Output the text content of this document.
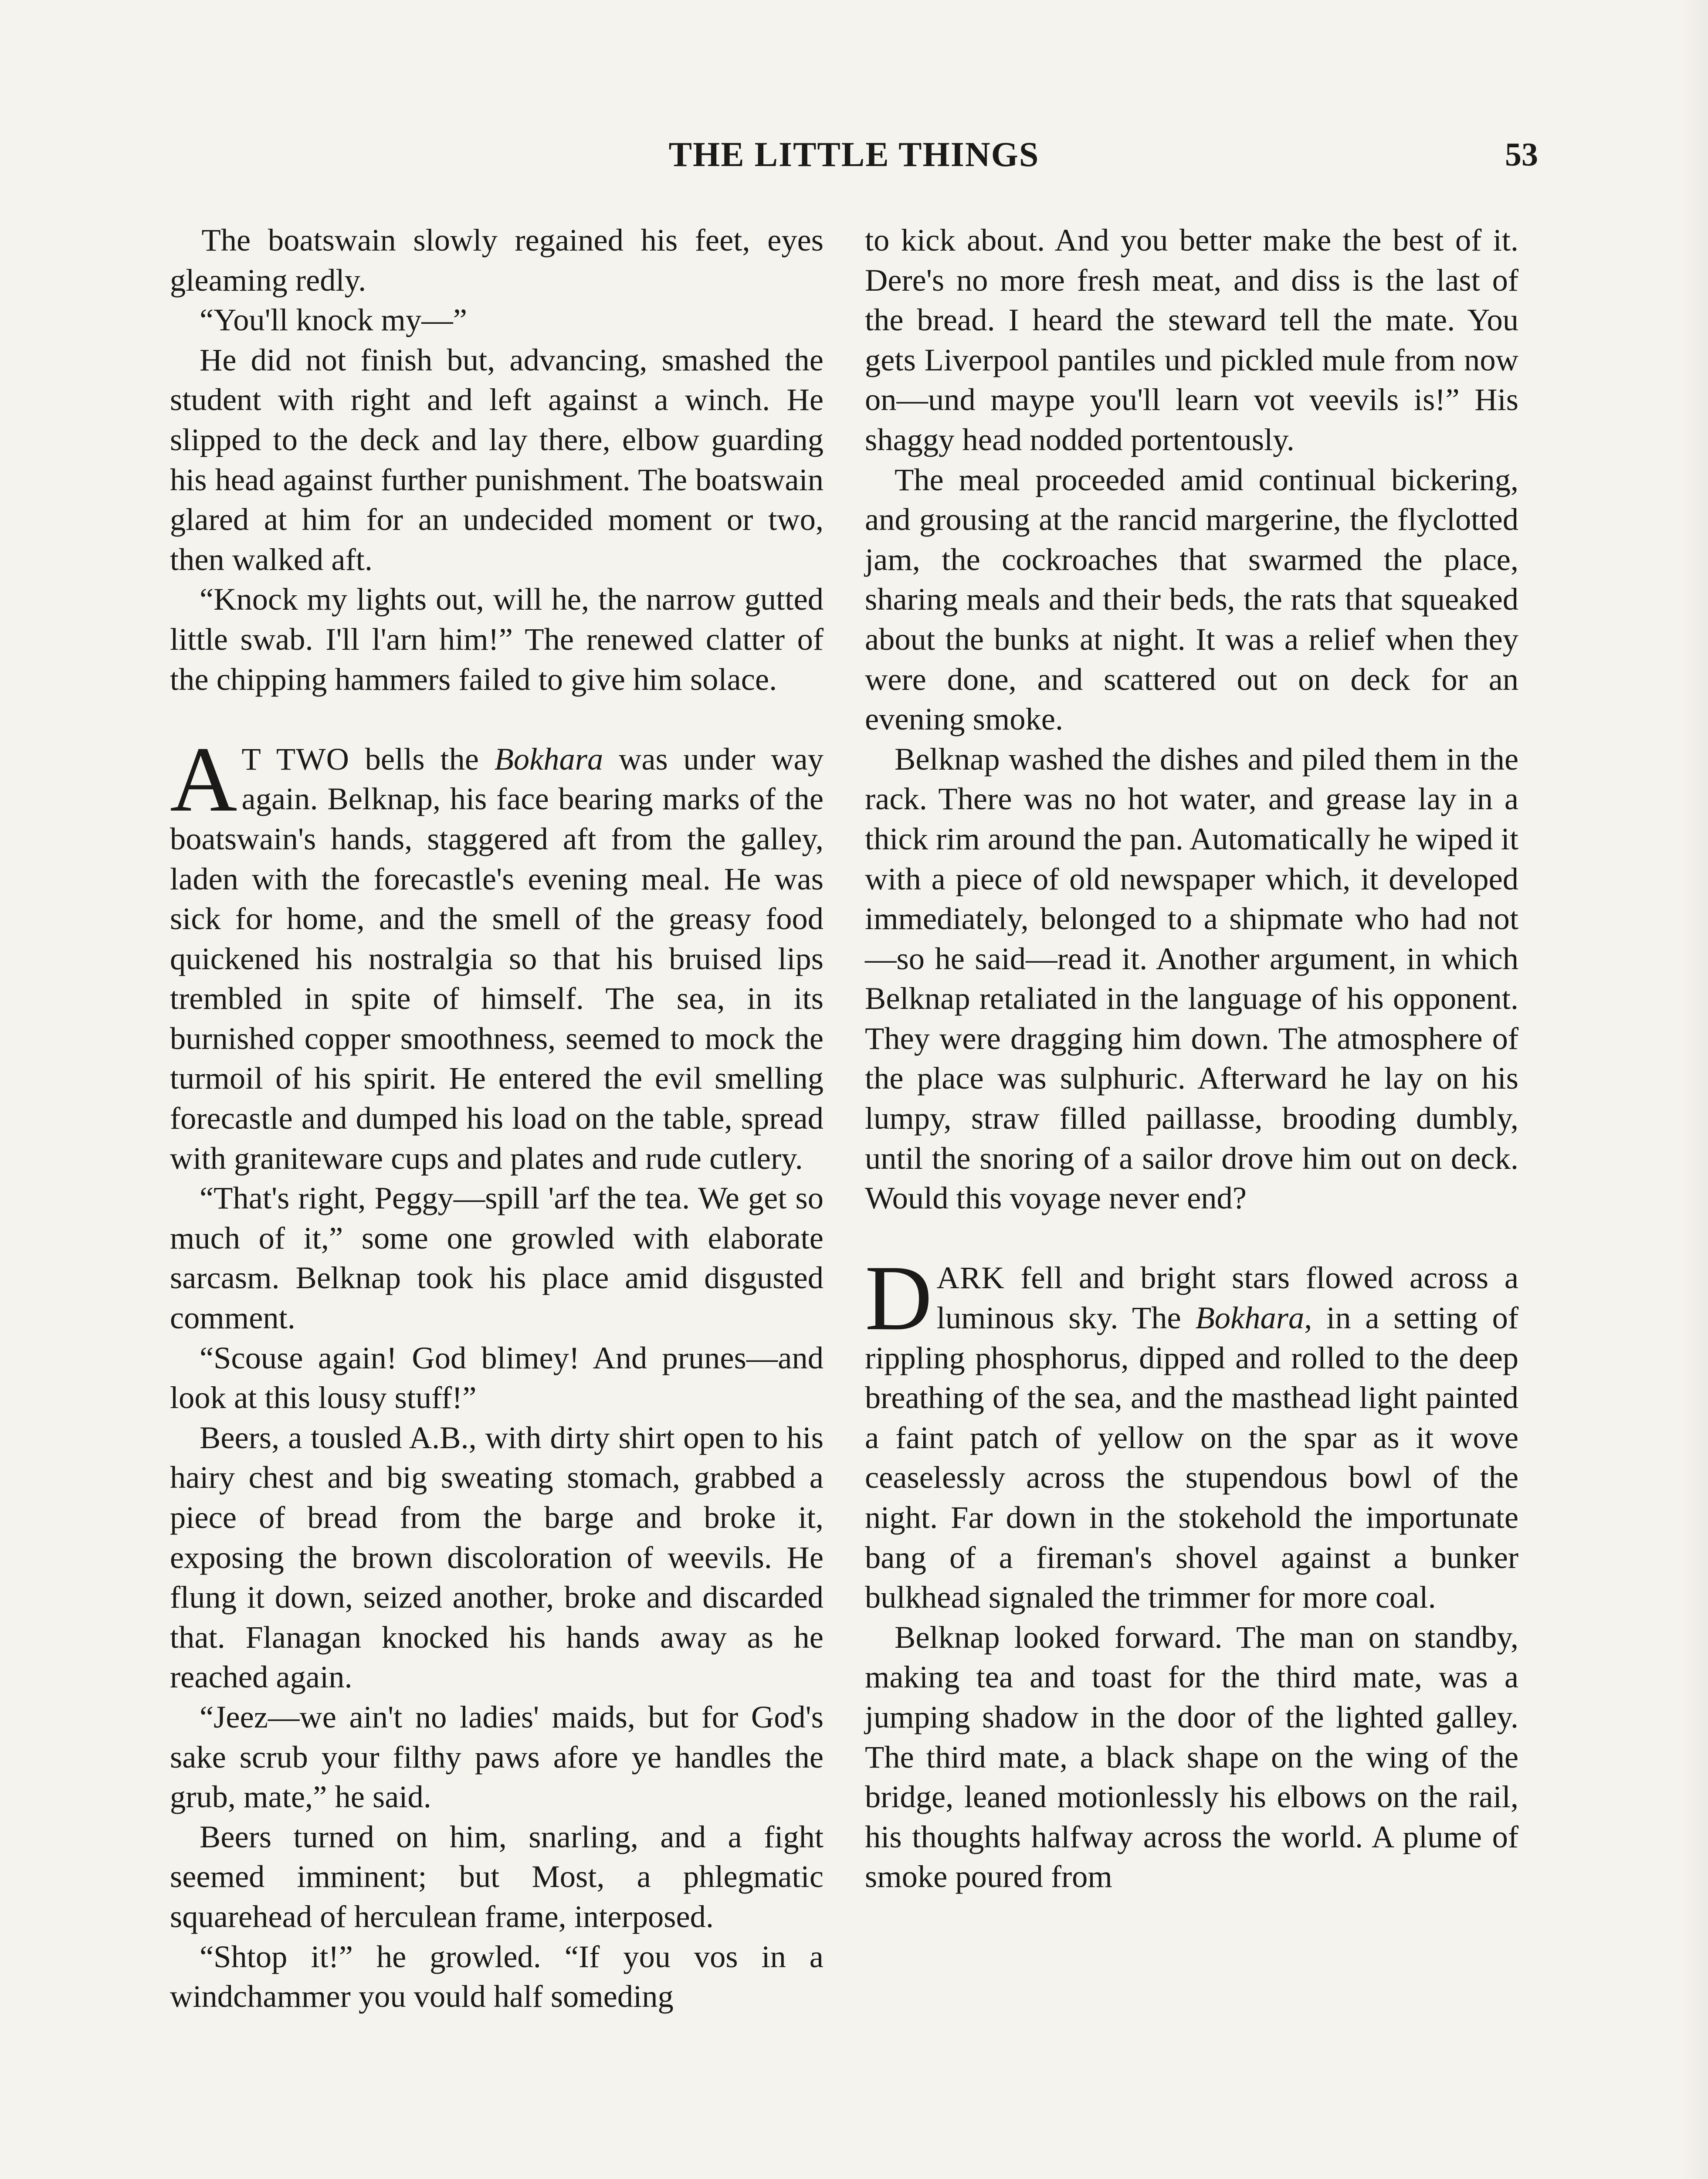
THE LITTLE THINGS	53

 The boatswain slowly regained his feet, eyes gleaming redly.

“You'll knock my—”

He did not finish but, advancing, smashed the student with right and left against a winch. He slipped to the deck and lay there, elbow guarding his head against further punishment. The boatswain glared at him for an undecided moment or two, then walked aft.

“Knock my lights out, will he, the narrow gutted little swab. I'll l'arn him!” The renewed clatter of the chipping hammers failed to give him solace.

A T TWO bells the Bokhara was under way again. Belknap, his face bearing marks of the boatswain's hands, staggered aft from the galley, laden with the forecastle's evening meal. He was sick for home, and the smell of the greasy food quickened his nostralgia so that his bruised lips trembled in spite of himself. The sea, in its burnished copper smoothness, seemed to mock the turmoil of his spirit. He entered the evil smelling forecastle and dumped his load on the table, spread with graniteware cups and plates and rude cutlery.

“That's right, Peggy—spill 'arf the tea. We get so much of it,” some one growled with elaborate sarcasm. Belknap took his place amid disgusted comment.

“Scouse again! God blimey! And prunes—and look at this lousy stuff!”

Beers, a tousled A.B., with dirty shirt open to his hairy chest and big sweating stomach, grabbed a piece of bread from the barge and broke it, exposing the brown discoloration of weevils. He flung it down, seized another, broke and discarded that. Flanagan knocked his hands away as he reached again.

“Jeez—we ain't no ladies' maids, but for God's sake scrub your filthy paws afore ye handles the grub, mate,” he said.

Beers turned on him, snarling, and a fight seemed imminent; but Most, a phlegmatic squarehead of herculean frame, interposed.

“Shtop it!” he growled. “If you vos in a windchammer you vould half someding

to kick about. And you better make the best of it. Dere's no more fresh meat, and diss is the last of the bread. I heard the steward tell the mate. You gets Liverpool pantiles und pickled mule from now on—und maype you'll learn vot veevils is!” His shaggy head nodded portentously.

The meal proceeded amid continual bickering, and grousing at the rancid margerine, the flyclotted jam, the cockroaches that swarmed the place, sharing meals and their beds, the rats that squeaked about the bunks at night. It was a relief when they were done, and scattered out on deck for an evening smoke.

Belknap washed the dishes and piled them in the rack. There was no hot water, and grease lay in a thick rim around the pan. Automatically he wiped it with a piece of old newspaper which, it developed immediately, belonged to a shipmate who had not—so he said—read it. Another argument, in which Belknap retaliated in the language of his opponent. They were dragging him down. The atmosphere of the place was sulphuric. Afterward he lay on his lumpy, straw filled paillasse, brooding dumbly, until the snoring of a sailor drove him out on deck. Would this voyage never end?

DARK fell and bright stars flowed across a luminous sky. The Bokhara, in a setting of rippling phosphorus, dipped and rolled to the deep breathing of the sea, and the masthead light painted a faint patch of yellow on the spar as it wove ceaselessly across the stupendous bowl of the night. Far down in the stokehold the importunate bang of a fireman's shovel against a bunker bulkhead signaled the trimmer for more coal.

Belknap looked forward. The man on standby, making tea and toast for the third mate, was a jumping shadow in the door of the lighted galley. The third mate, a black shape on the wing of the bridge, leaned motionlessly his elbows on the rail, his thoughts halfway across the world. A plume of smoke poured from
